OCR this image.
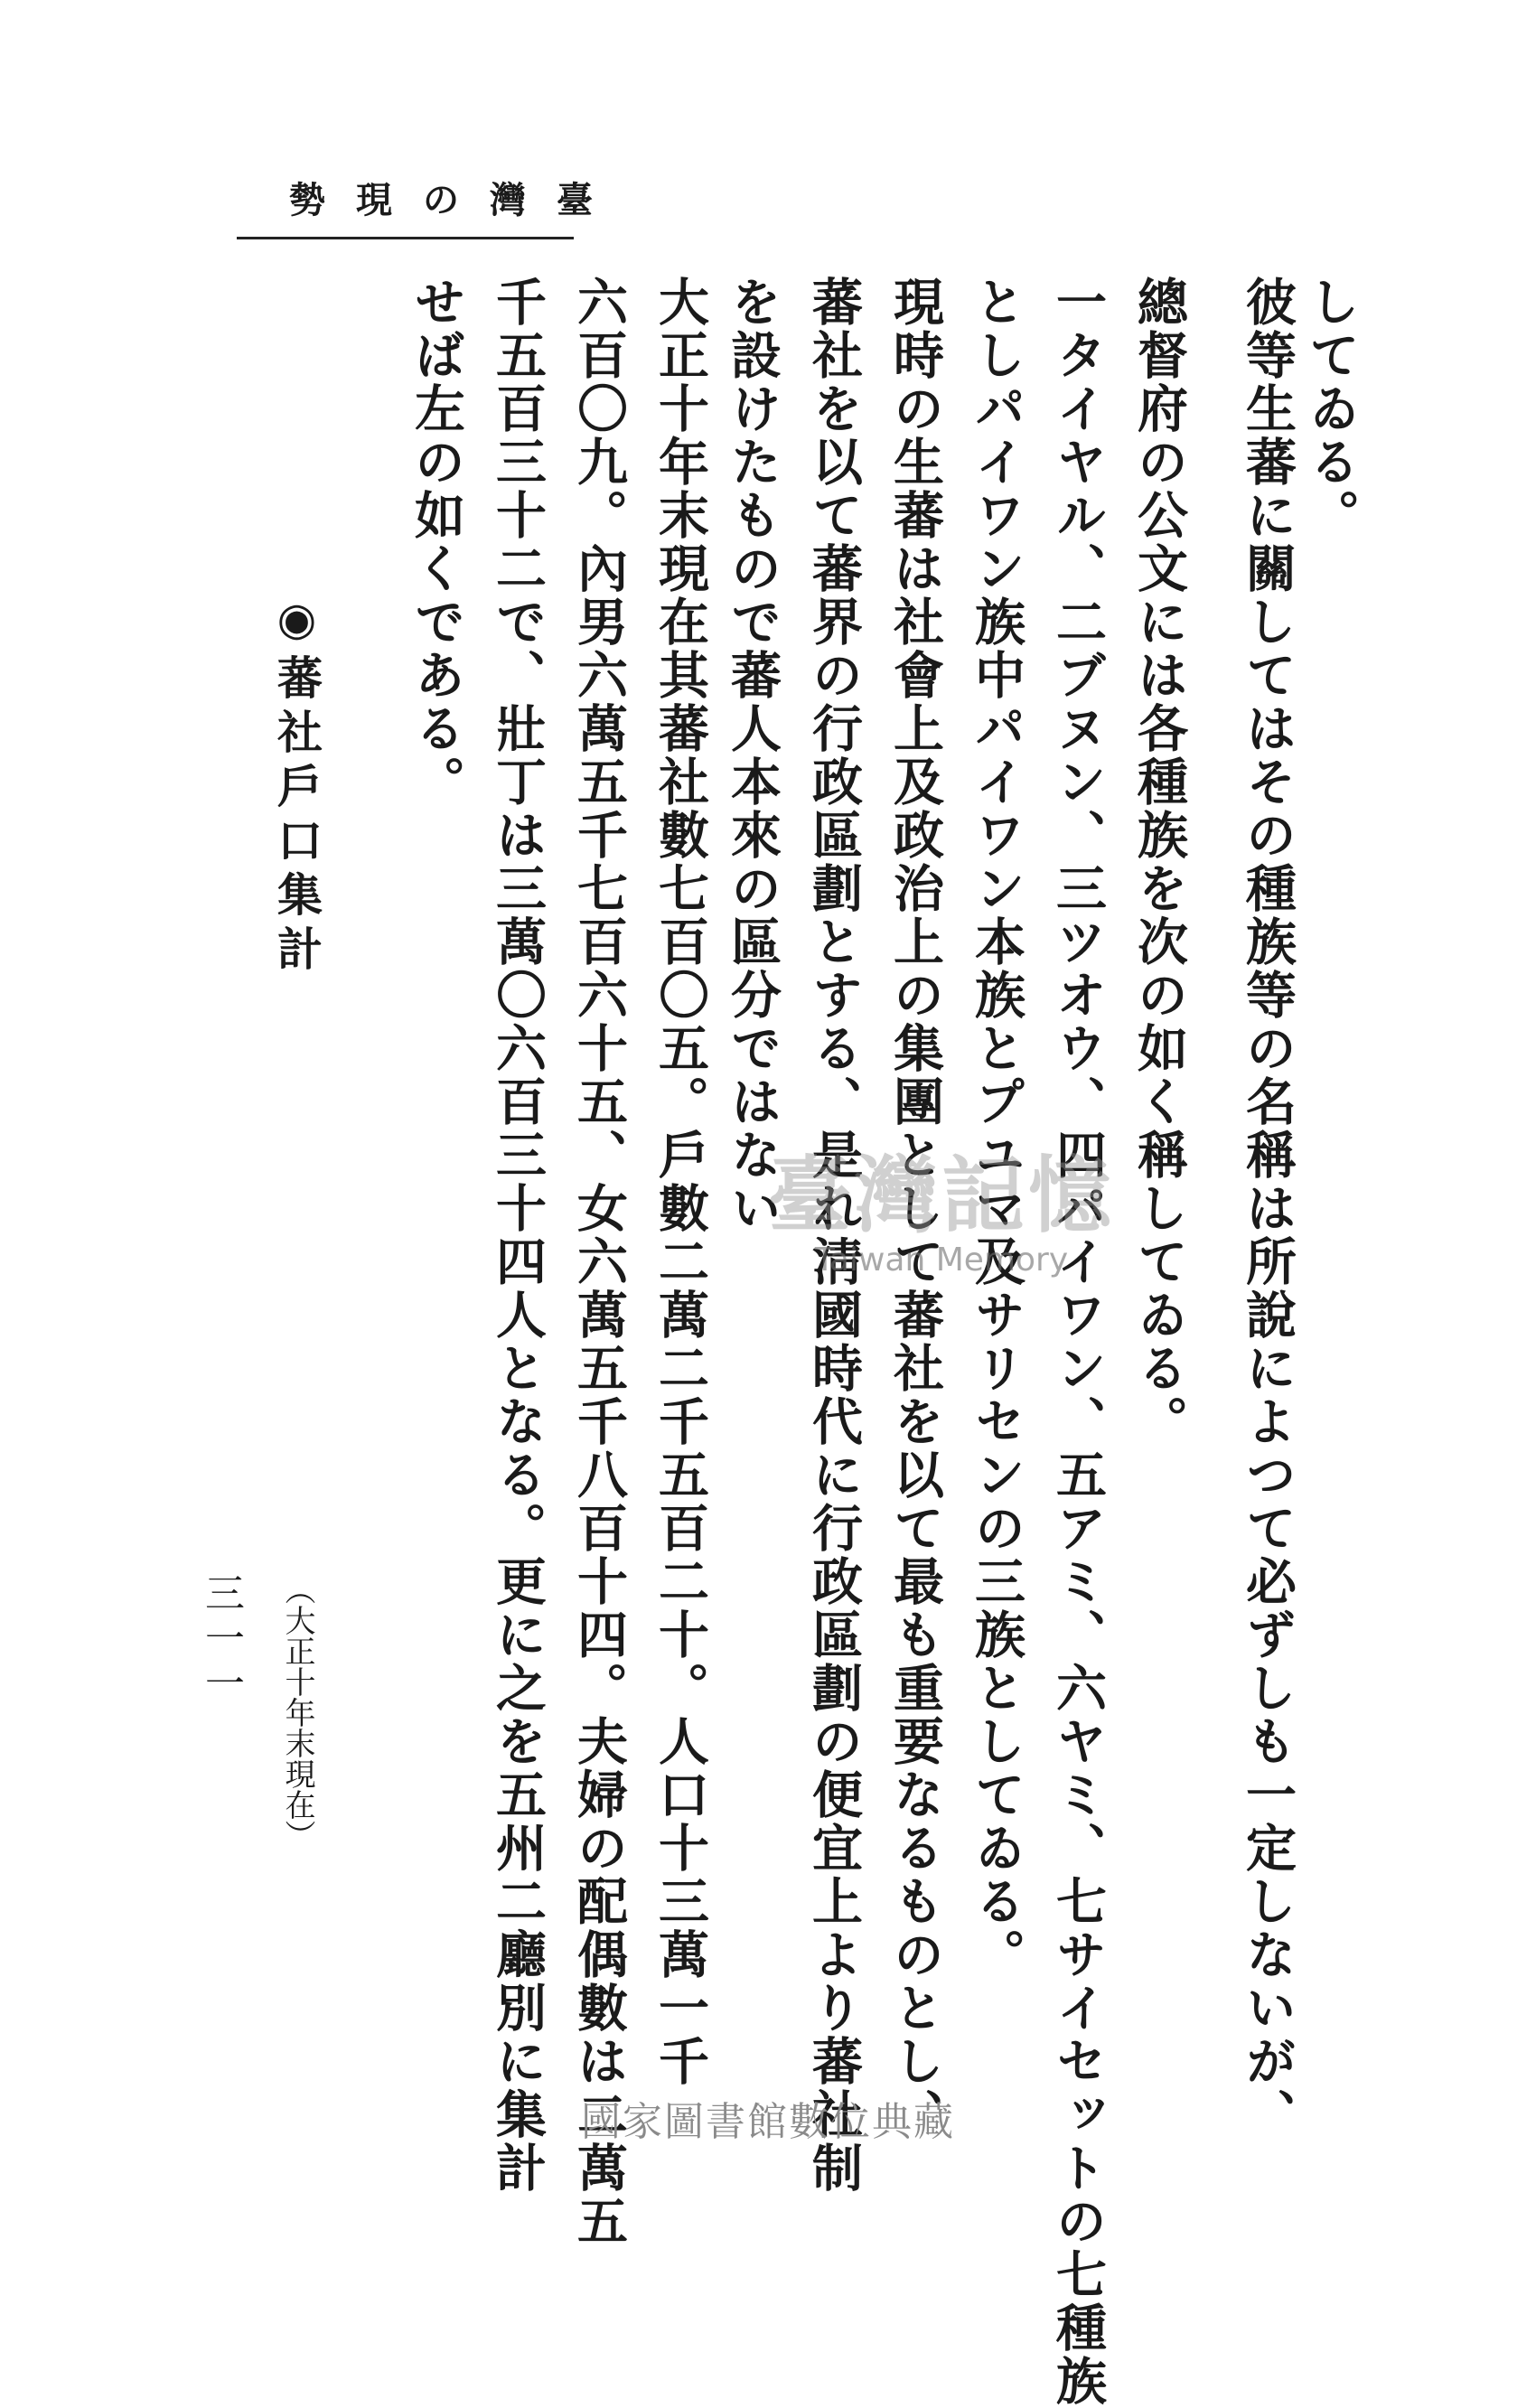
勢現の灣臺
してゐる。
彼等生蕃に關してはその種族等の名稱は所說によつて必ずしも一定しないが、
總督府の公文には各種族を次の如く稱してゐる。
一タイヤル、二ブヌン、三ツオウ、四パイワン、五アミ、六ヤミ、七サイセットの七種族
としパイワン族中パイワン本族とプユマ及サリセンの三族としてゐる。
現時の生蕃は社會上及政治上の集團として蕃社を以て最も重要なるものとし、
蕃社を以て蕃界の行政區劃とする、是れ淸國時代に行政區劃の便宜上より蕃社制
を設けたもので蕃人本來の區分ではない
大正十年末現在其蕃社數七百〇五。戶數二萬二千五百二十。人口十三萬一千
六百〇九。內男六萬五千七百六十五、女六萬五千八百十四。夫婦の配偶數は二萬五
千五百三十二で、壯丁は三萬〇六百三十四人となる。更に之を五州二廳別に集計
せば左の如くである。
◉蕃社戶口集計
（大正十年末現在）
三一一
臺灣記憶
Taiwan Memory
國家圖書館數位典藏
